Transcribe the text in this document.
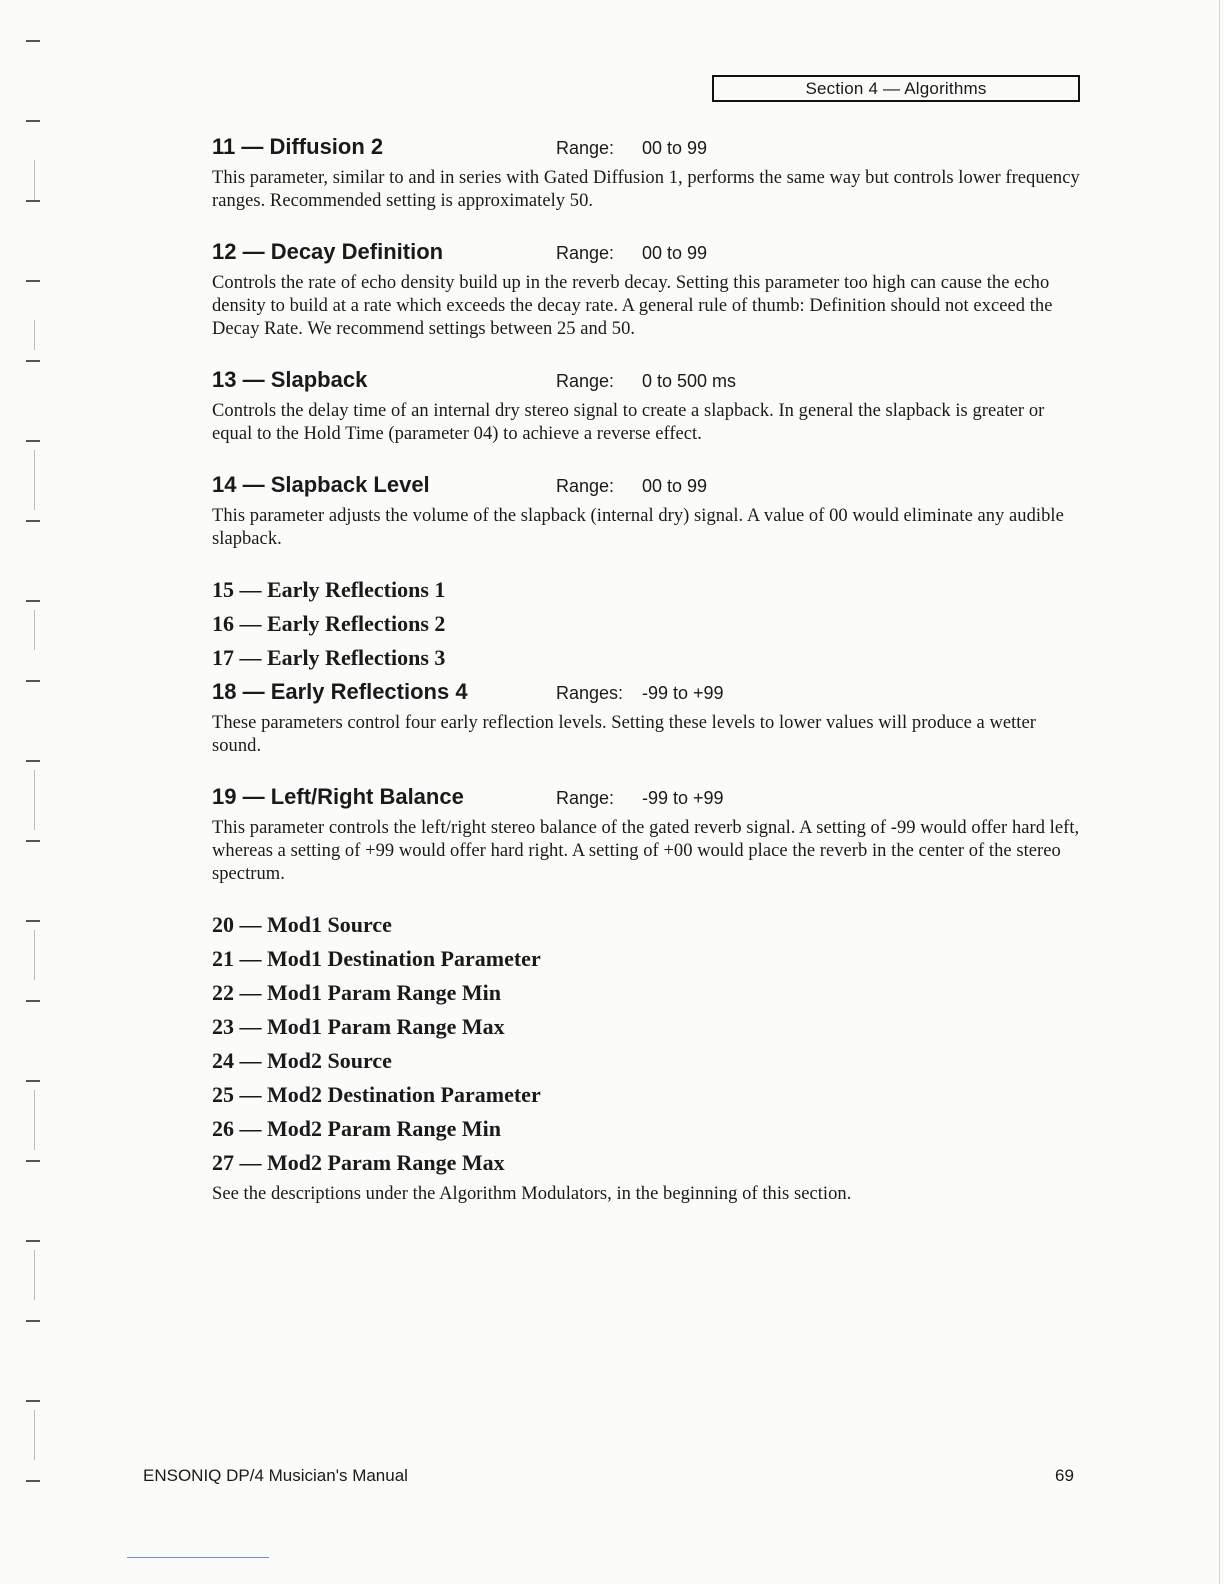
Section 4 — Algorithms
11 — Diffusion 2	Range:	00 to 99

This parameter, similar to and in series with Gated Diffusion 1, performs the same way but controls lower frequency ranges. Recommended setting is approximately 50.

12 — Decay Definition	Range:	00 to 99

Controls the rate of echo density build up in the reverb decay. Setting this parameter too high can cause the echo density to build at a rate which exceeds the decay rate. A general rule of thumb: Definition should not exceed the Decay Rate. We recommend settings between 25 and 50.

13 — Slapback	Range:	0 to 500 ms

Controls the delay time of an internal dry stereo signal to create a slapback. In general the slapback is greater or equal to the Hold Time (parameter 04) to achieve a reverse effect.

14 — Slapback Level	Range:	00 to 99

This parameter adjusts the volume of the slapback (internal dry) signal. A value of 00 would eliminate any audible slapback.

15 — Early Reflections 1
16 — Early Reflections 2
17 — Early Reflections 3
18 — Early Reflections 4	Ranges:	-99 to +99

These parameters control four early reflection levels. Setting these levels to lower values will produce a wetter sound.

19 — Left/Right Balance	Range:	-99 to +99

This parameter controls the left/right stereo balance of the gated reverb signal. A setting of -99 would offer hard left, whereas a setting of +99 would offer hard right. A setting of +00 would place the reverb in the center of the stereo spectrum.

20 — Mod1 Source
21 — Mod1 Destination Parameter
22 — Mod1 Param Range Min
23 — Mod1 Param Range Max
24 — Mod2 Source
25 — Mod2 Destination Parameter
26 — Mod2 Param Range Min
27 — Mod2 Param Range Max

See the descriptions under the Algorithm Modulators, in the beginning of this section.

ENSONIQ DP/4 Musician's Manual	69
